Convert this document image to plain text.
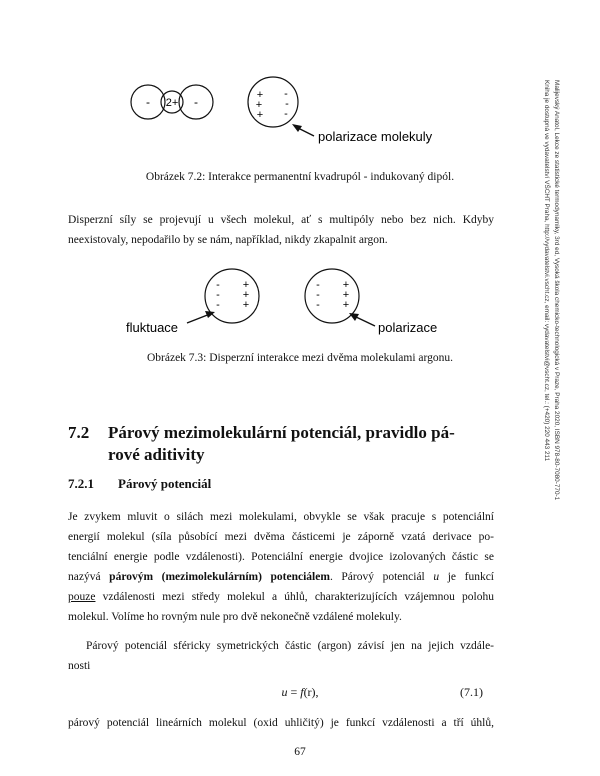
- 2+ -	+
+
+
-
-
-
polarizace molekuly
Obrázek 7.2: Interakce permanentní kvadrupól - indukovaný dipól.
Disperzní síly se projevují u všech molekul, ať s multipóly nebo bez nich. Kdyby
neexistovaly, nepodařilo by se nám, například, nikdy zkapalnit argon.
-
-
-
+
+
+
-
-
-
+
+
+
fluktuace	polarizace
Obrázek 7.3: Disperzní interakce mezi dvěma molekulami argonu.
7.2 Párový mezimolekulární potenciál, pravidlo pá-
rové aditivity
7.2.1 Párový potenciál
Je zvykem mluvit o silách mezi molekulami, obvykle se však pracuje s potenciální
energií molekul (síla působící mezi dvěma částicemi je záporně vzatá derivace po-
tenciální energie podle vzdálenosti). Potenciální energie dvojice izolovaných částic se
nazývá párovým (mezimolekulárním) potenciálem. Párový potenciál u je funkcí
pouze vzdálenosti mezi středy molekul a úhlů, charakterizujících vzájemnou polohu
molekul. Volíme ho rovným nule pro dvě nekonečně vzdálené molekuly.
Párový potenciál sféricky symetrických částic (argon) závisí jen na jejich vzdále-
nosti
u = f(r),	(7.1)
párový potenciál lineárních molekul (oxid uhličitý) je funkcí vzdálenosti a tří úhlů,
67
Malijevský Anatol, Lekce ze statistické termodynamiky, 3rd ed, Vysoká škola chemicko-technologická v Praze, Praha 2020, ISBN 978-80-7080-770-1
Kniha je dostupná ve vydavatelství VŠCHT Praha, http://vydavatelstvi.vscht.cz, email: vydavatelstvi@vscht.cz, tel.: (+420) 220 443 211
